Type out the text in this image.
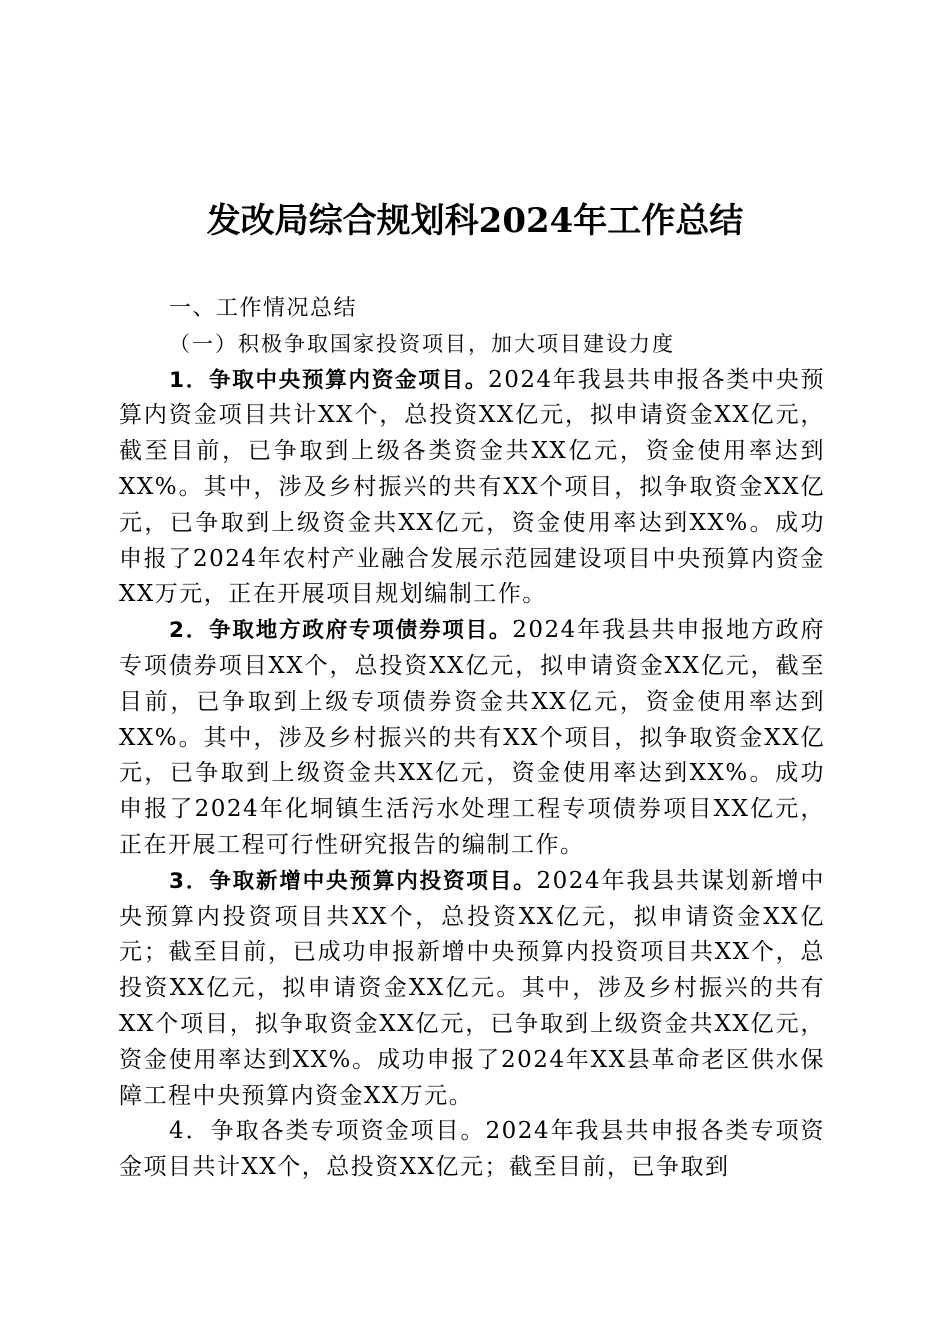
发改局综合规划科2024年工作总结

一、工作情况总结

（一）积极争取国家投资项目，加大项目建设力度

1．争取中央预算内资金项目。2024年我县共申报各类中央预算内资金项目共计XX个，总投资XX亿元，拟申请资金XX亿元，截至目前，已争取到上级各类资金共XX亿元，资金使用率达到XX%。其中，涉及乡村振兴的共有XX个项目，拟争取资金XX亿元，已争取到上级资金共XX亿元，资金使用率达到XX%。成功申报了2024年农村产业融合发展示范园建设项目中央预算内资金XX万元，正在开展项目规划编制工作。

2．争取地方政府专项债券项目。2024年我县共申报地方政府专项债券项目XX个，总投资XX亿元，拟申请资金XX亿元，截至目前，已争取到上级专项债券资金共XX亿元，资金使用率达到XX%。其中，涉及乡村振兴的共有XX个项目，拟争取资金XX亿元，已争取到上级资金共XX亿元，资金使用率达到XX%。成功申报了2024年化垌镇生活污水处理工程专项债券项目XX亿元，正在开展工程可行性研究报告的编制工作。

3．争取新增中央预算内投资项目。2024年我县共谋划新增中央预算内投资项目共XX个，总投资XX亿元，拟申请资金XX亿元；截至目前，已成功申报新增中央预算内投资项目共XX个，总投资XX亿元，拟申请资金XX亿元。其中，涉及乡村振兴的共有XX个项目，拟争取资金XX亿元，已争取到上级资金共XX亿元，资金使用率达到XX%。成功申报了2024年XX县革命老区供水保障工程中央预算内资金XX万元。

4．争取各类专项资金项目。2024年我县共申报各类专项资金项目共计XX个，总投资XX亿元；截至目前，已争取到
